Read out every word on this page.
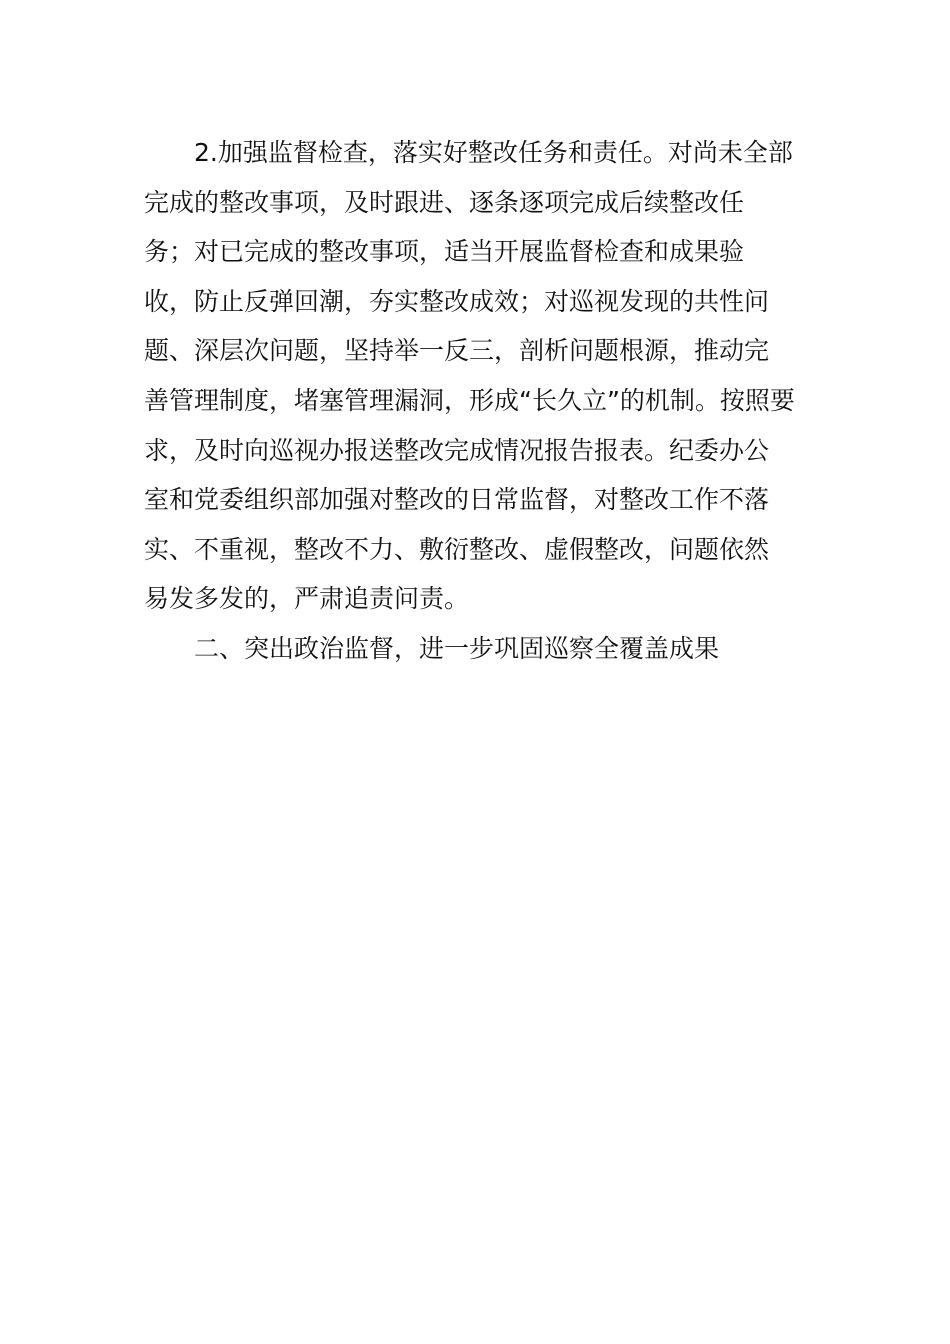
2.加强监督检查，落实好整改任务和责任。对尚未全部
完成的整改事项，及时跟进、逐条逐项完成后续整改任
务；对已完成的整改事项，适当开展监督检查和成果验
收，防止反弹回潮，夯实整改成效；对巡视发现的共性问
题、深层次问题，坚持举一反三，剖析问题根源，推动完
善管理制度，堵塞管理漏洞，形成“长久立”的机制。按照要
求，及时向巡视办报送整改完成情况报告报表。纪委办公
室和党委组织部加强对整改的日常监督，对整改工作不落
实、不重视，整改不力、敷衍整改、虚假整改，问题依然
易发多发的，严肃追责问责。
二、突出政治监督，进一步巩固巡察全覆盖成果
